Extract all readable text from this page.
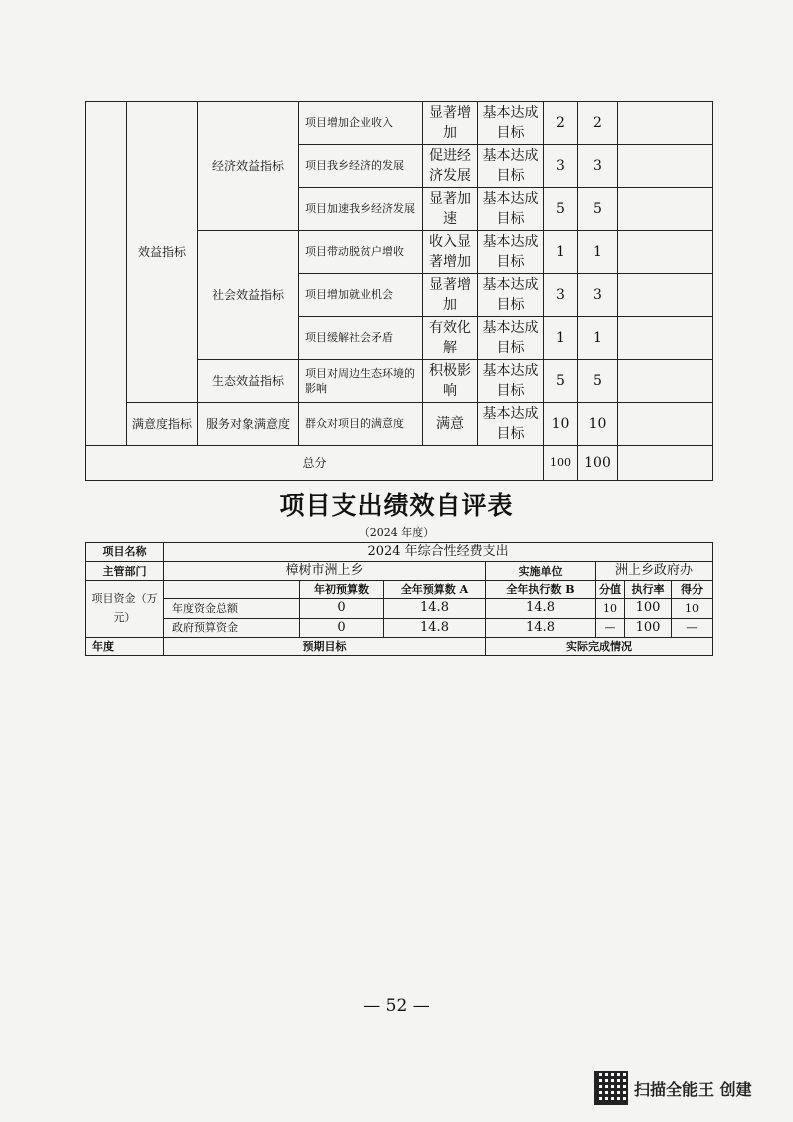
	效益指标	经济效益指标	项目增加企业收入	显著增加	基本达成目标	2	2	
			项目我乡经济的发展	促进经济发展	基本达成目标	3	3	
			项目加速我乡经济发展	显著加速	基本达成目标	5	5	
		社会效益指标	项目带动脱贫户增收	收入显著增加	基本达成目标	1	1	
			项目增加就业机会	显著增加	基本达成目标	3	3	
			项目缓解社会矛盾	有效化解	基本达成目标	1	1	
		生态效益指标	项目对周边生态环境的影响	积极影响	基本达成目标	5	5	
	满意度指标	服务对象满意度	群众对项目的满意度	满意	基本达成目标	10	10	
总分						100	100	
项目支出绩效自评表
（2024 年度）
项目名称	2024 年综合性经费支出						
主管部门	樟树市洲上乡			实施单位	洲上乡政府办		
项目资金（万元）		年初预算数	全年预算数 A	全年执行数 B	分值	执行率	得分
	年度资金总额	0	14.8	14.8	10	100	10
	政府预算资金	0	14.8	14.8	—	100	—
年度	预期目标			实际完成情况			
— 52 —
扫描全能王 创建
